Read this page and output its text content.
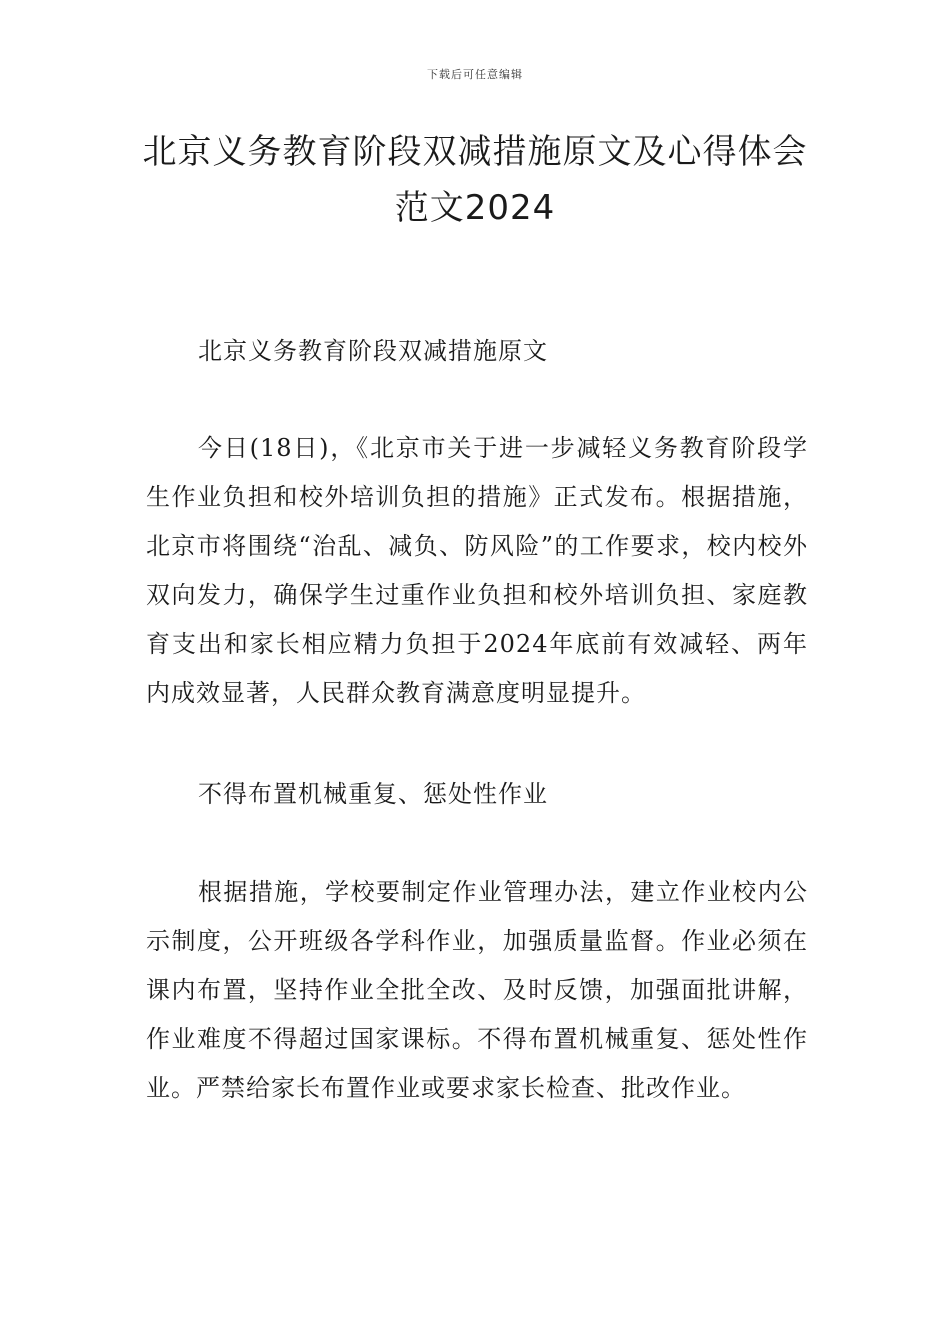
下载后可任意编辑
北京义务教育阶段双减措施原文及心得体会范文2024

北京义务教育阶段双减措施原文

今日(18日)，《北京市关于进一步减轻义务教育阶段学生作业负担和校外培训负担的措施》正式发布。根据措施，北京市将围绕“治乱、减负、防风险”的工作要求，校内校外双向发力，确保学生过重作业负担和校外培训负担、家庭教育支出和家长相应精力负担于2024年底前有效减轻、两年内成效显著，人民群众教育满意度明显提升。

不得布置机械重复、惩处性作业

根据措施，学校要制定作业管理办法，建立作业校内公示制度，公开班级各学科作业，加强质量监督。作业必须在课内布置，坚持作业全批全改、及时反馈，加强面批讲解，作业难度不得超过国家课标。不得布置机械重复、惩处性作业。严禁给家长布置作业或要求家长检查、批改作业。
